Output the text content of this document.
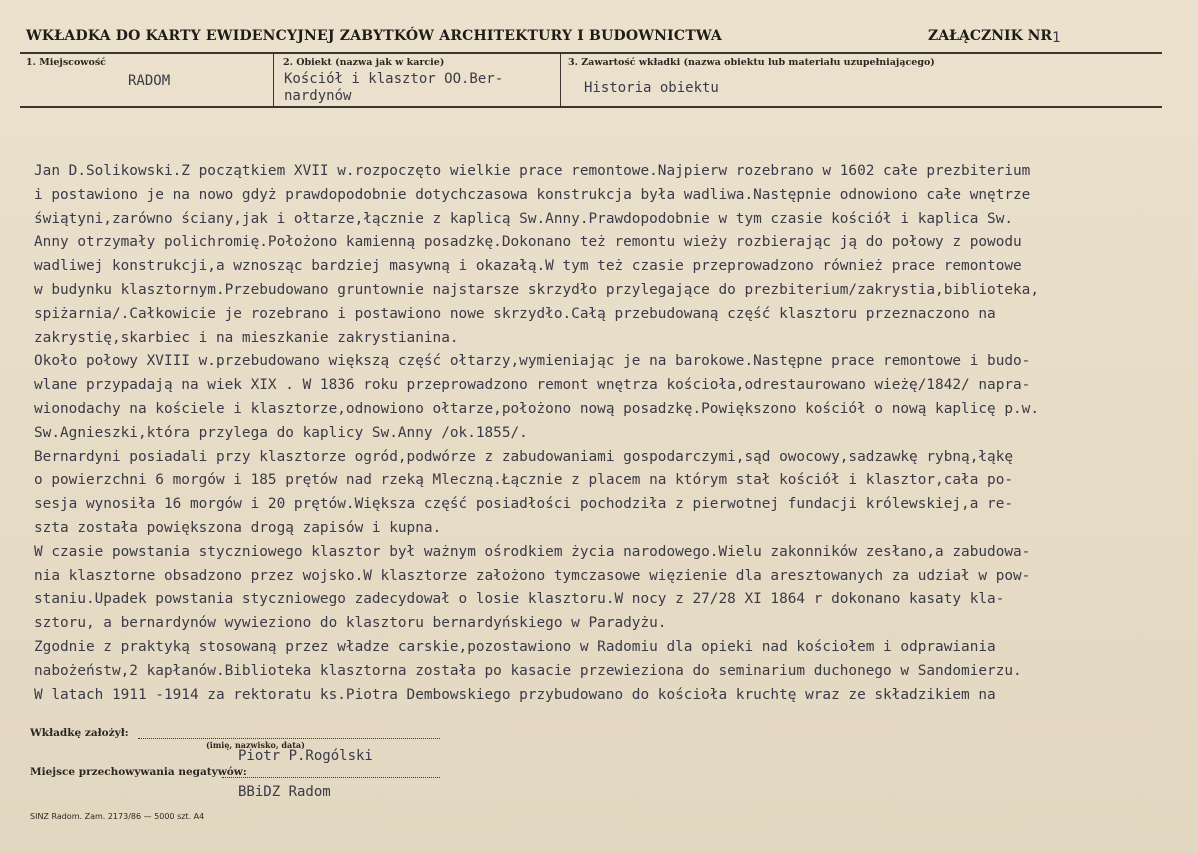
WKŁADKA DO KARTY EWIDENCYJNEJ ZABYTKÓW ARCHITEKTURY I BUDOWNICTWA	ZAŁĄCZNIK NR 1
1. Miejscowość
RADOM
2. Obiekt (nazwa jak w karcie)
Kościół i klasztor OO.Ber-
nardynów
3. Zawartość wkładki (nazwa obiektu lub materiału uzupełniającego)
Historia obiektu
Jan D.Solikowski.Z początkiem XVII w.rozpoczęto wielkie prace remontowe.Najpierw rozebrano w 1602 całe prezbiterium
i postawiono je na nowo gdyż prawdopodobnie dotychczasowa konstrukcja była wadliwa.Następnie odnowiono całe wnętrze
świątyni,zarówno ściany,jak i ołtarze,łącznie z kaplicą Sw.Anny.Prawdopodobnie w tym czasie kościół i kaplica Sw.
Anny otrzymały polichromię.Położono kamienną posadzkę.Dokonano też remontu wieży rozbierając ją do połowy z powodu
wadliwej konstrukcji,a wznosząc bardziej masywną i okazałą.W tym też czasie przeprowadzono również prace remontowe
w budynku klasztornym.Przebudowano gruntownie najstarsze skrzydło przylegające do prezbiterium/zakrystia,biblioteka,
spiżarnia/.Całkowicie je rozebrano i postawiono nowe skrzydło.Całą przebudowaną część klasztoru przeznaczono na
zakrystię,skarbiec i na mieszkanie zakrystianina.
Około połowy XVIII w.przebudowano większą część ołtarzy,wymieniając je na barokowe.Następne prace remontowe i budo-
wlane przypadają na wiek XIX . W 1836 roku przeprowadzono remont wnętrza kościoła,odrestaurowano wieżę/1842/ naprа-
wionodachy na kościele i klasztorze,odnowiono ołtarze,położono nową posadzkę.Powiększono kościół o nową kaplicę p.w.
Sw.Agnieszki,która przylega do kaplicy Sw.Anny /ok.1855/.
Bernardyni posiadali przy klasztorze ogród,podwórze z zabudowaniami gospodarczymi,sąd owocowy,sadzawkę rybną,łąkę
o powierzchni 6 morgów i 185 prętów nad rzeką Mleczną.Łącznie z placem na którym stał kościół i klasztor,cała po-
sesja wynosiła 16 morgów i 20 prętów.Większa część posiadłości pochodziła z pierwotnej fundacji królewskiej,a re-
szta została powiększona drogą zapisów i kupna.
W czasie powstania styczniowego klasztor był ważnym ośrodkiem życia narodowego.Wielu zakonników zesłano,a zabudowa-
nia klasztorne obsadzono przez wojsko.W klasztorze założono tymczasowe więzienie dla aresztowanych za udział w pow-
staniu.Upadek powstania styczniowego zadecydował o losie klasztoru.W nocy z 27/28 XI 1864 r dokonano kasaty kla-
sztoru, a bernardynów wywieziono do klasztoru bernardyńskiego w Paradyżu.
Zgodnie z praktyką stosowaną przez władze carskie,pozostawiono w Radomiu dla opieki nad kościołem i odprawiania
nabożeństw,2 kapłanów.Biblioteka klasztorna została po kasacie przewieziona do seminarium duchonego w Sandomierzu.
W latach 1911 -1914 za rektoratu ks.Piotra Dembowskiego przybudowano do kościoła kruchtę wraz ze składzikiem na
Wkładkę założył:
(imię, nazwisko, data)
Piotr P.Rogólski
Miejsce przechowywania negatywów:
BBiDZ Radom
SINZ Radom. Zam. 2173/86 — 5000 szt. A4
